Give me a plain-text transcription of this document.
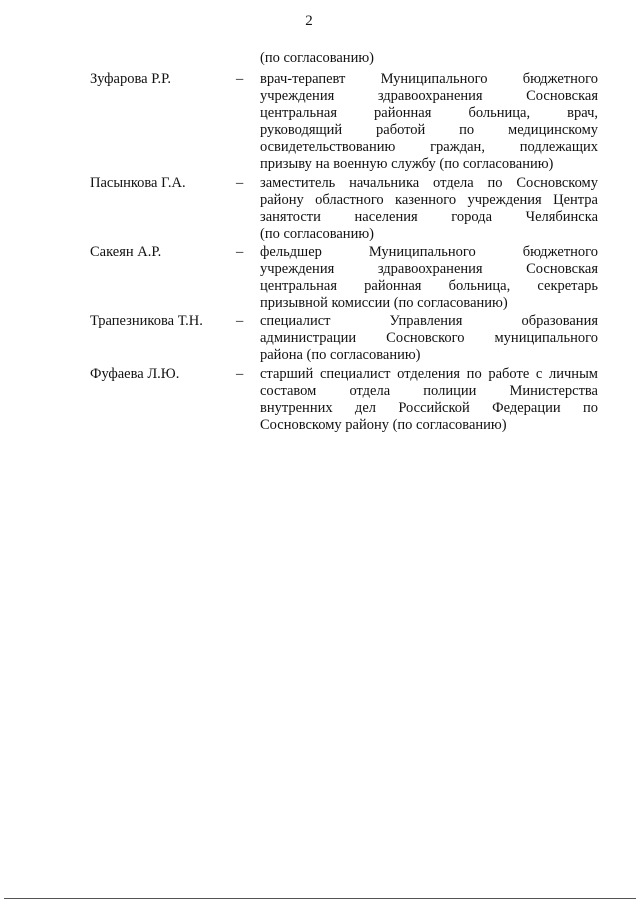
2
(по согласованию)
Зуфарова Р.Р.	– врач-терапевт Муниципального бюджетного
учреждения здравоохранения Сосновская
центральная районная больница, врач,
руководящий работой по медицинскому
освидетельствованию граждан, подлежащих
призыву на военную службу (по согласованию)
Пасынкова Г.А.	– заместитель начальника отдела по Сосновскому
району областного казенного учреждения Центра
занятости населения города Челябинска
(по согласованию)
Сакеян А.Р.	– фельдшер Муниципального бюджетного
учреждения здравоохранения Сосновская
центральная районная больница, секретарь
призывной комиссии (по согласованию)
Трапезникова Т.Н. – специалист Управления образования
администрации Сосновского муниципального
района (по согласованию)
Фуфаева Л.Ю.	– старший специалист отделения по работе с личным
составом отдела полиции Министерства
внутренних дел Российской Федерации по
Сосновскому району (по согласованию)
